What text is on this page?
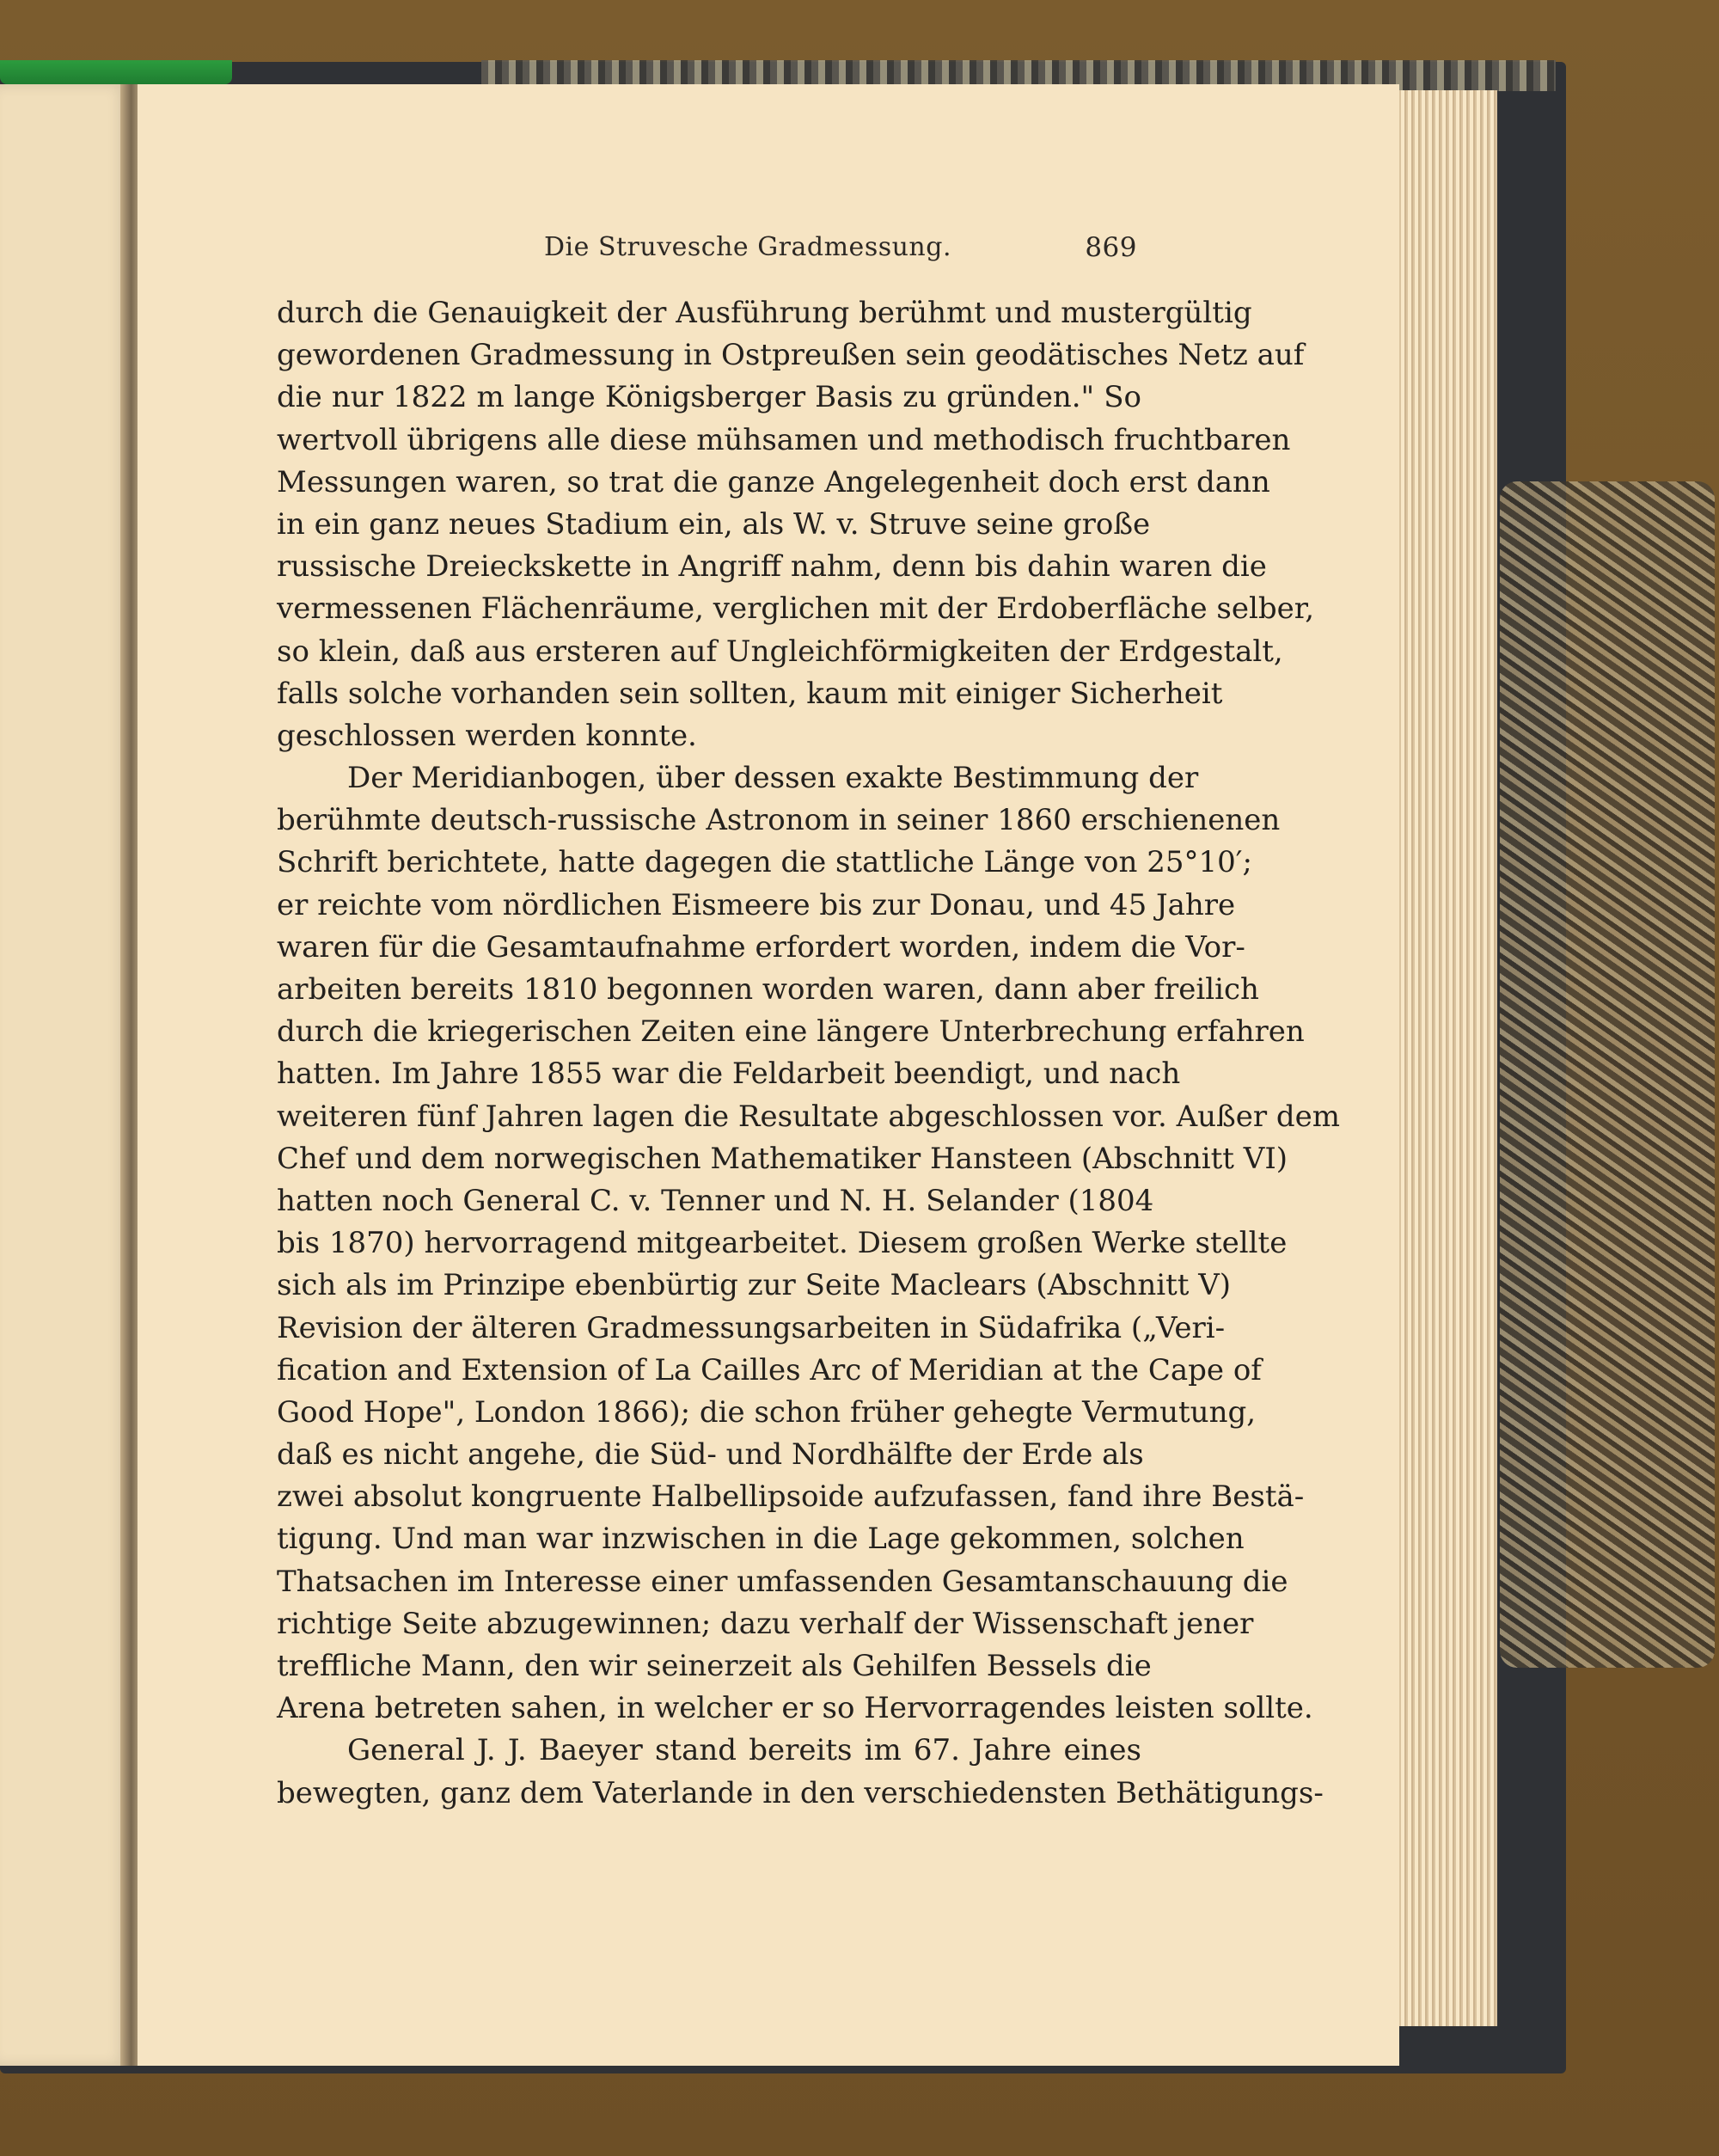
Die Struvesche Gradmessung.	869
durch die Genauigkeit der Ausführung berühmt und mustergültig
gewordenen Gradmessung in Ostpreußen sein geodätisches Netz auf
die nur 1822 m lange Königsberger Basis zu gründen." So
wertvoll übrigens alle diese mühsamen und methodisch fruchtbaren
Messungen waren, so trat die ganze Angelegenheit doch erst dann
in ein ganz neues Stadium ein, als W. v. Struve seine große
russische Dreieckskette in Angriff nahm, denn bis dahin waren die
vermessenen Flächenräume, verglichen mit der Erdoberfläche selber,
so klein, daß aus ersteren auf Ungleichförmigkeiten der Erdgestalt,
falls solche vorhanden sein sollten, kaum mit einiger Sicherheit
geschlossen werden konnte.
Der Meridianbogen, über dessen exakte Bestimmung der
berühmte deutsch-russische Astronom in seiner 1860 erschienenen
Schrift berichtete, hatte dagegen die stattliche Länge von 25°10′;
er reichte vom nördlichen Eismeere bis zur Donau, und 45 Jahre
waren für die Gesamtaufnahme erfordert worden, indem die Vor-
arbeiten bereits 1810 begonnen worden waren, dann aber freilich
durch die kriegerischen Zeiten eine längere Unterbrechung erfahren
hatten. Im Jahre 1855 war die Feldarbeit beendigt, und nach
weiteren fünf Jahren lagen die Resultate abgeschlossen vor. Außer dem
Chef und dem norwegischen Mathematiker Hansteen (Abschnitt VI)
hatten noch General C. v. Tenner und N. H. Selander (1804
bis 1870) hervorragend mitgearbeitet. Diesem großen Werke stellte
sich als im Prinzipe ebenbürtig zur Seite Maclears (Abschnitt V)
Revision der älteren Gradmessungsarbeiten in Südafrika („Veri-
fication and Extension of La Cailles Arc of Meridian at the Cape of
Good Hope", London 1866); die schon früher gehegte Vermutung,
daß es nicht angehe, die Süd- und Nordhälfte der Erde als
zwei absolut kongruente Halbellipsoide aufzufassen, fand ihre Bestä-
tigung. Und man war inzwischen in die Lage gekommen, solchen
Thatsachen im Interesse einer umfassenden Gesamtanschauung die
richtige Seite abzugewinnen; dazu verhalf der Wissenschaft jener
treffliche Mann, den wir seinerzeit als Gehilfen Bessels die
Arena betreten sahen, in welcher er so Hervorragendes leisten sollte.
General J. J. Baeyer stand bereits im 67. Jahre eines
bewegten, ganz dem Vaterlande in den verschiedensten Bethätigungs-
